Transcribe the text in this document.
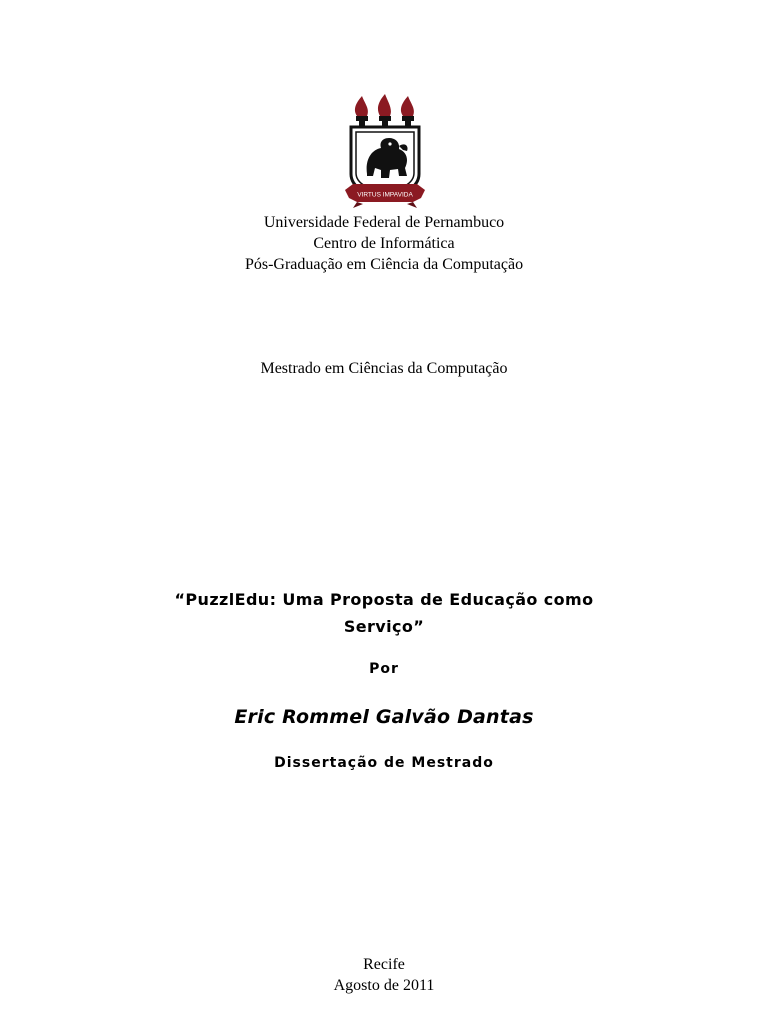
VIRTUS IMPAVIDA
Universidade Federal de Pernambuco
Centro de Informática
Pós-Graduação em Ciência da Computação
Mestrado em Ciências da Computação
“PuzzlEdu: Uma Proposta de Educação como
Serviço”
Por
Eric Rommel Galvão Dantas
Dissertação de Mestrado
Recife
Agosto de 2011
